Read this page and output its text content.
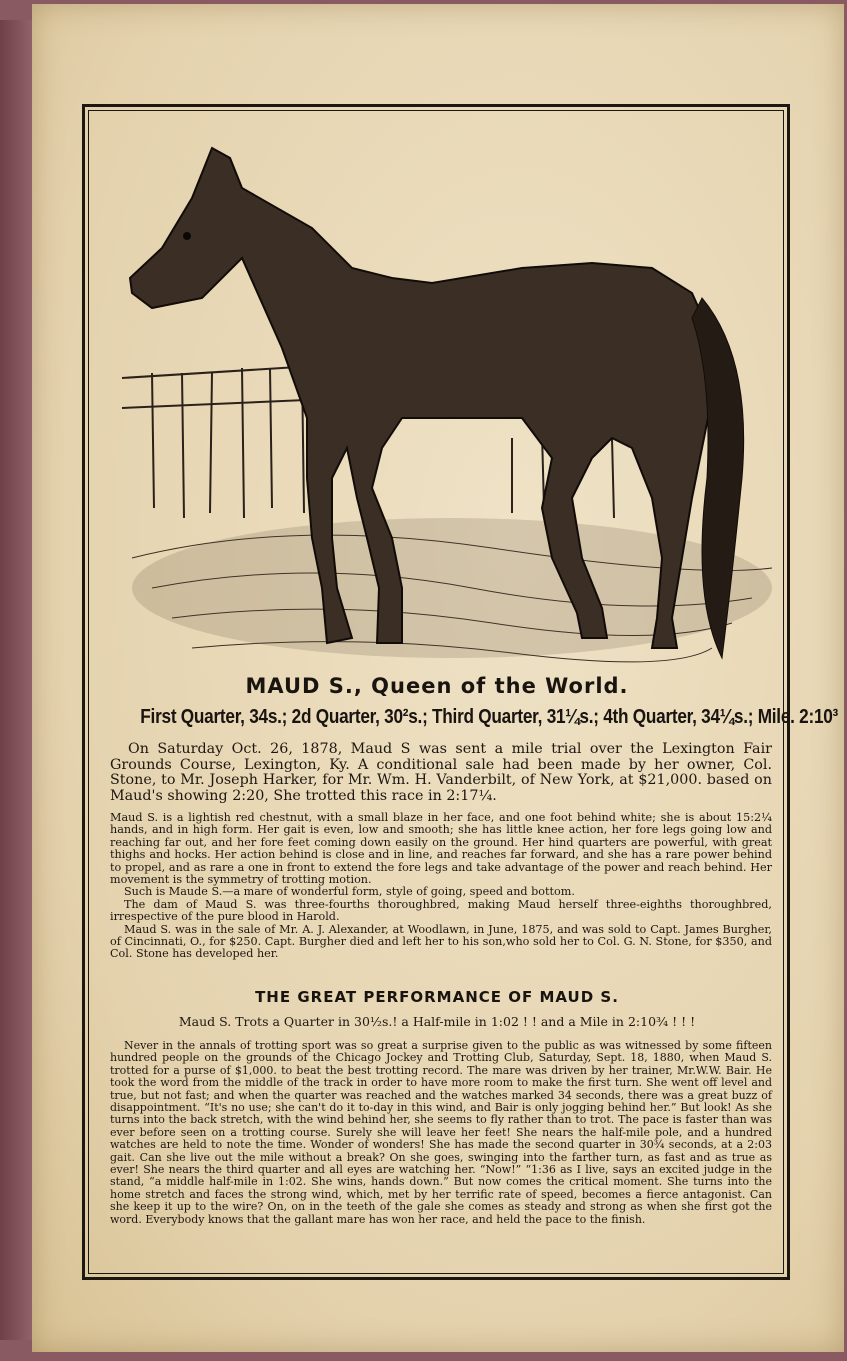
MAUD S., Queen of the World.
First Quarter, 34s.; 2d Quarter, 30²s.; Third Quarter, 31¼s.; 4th Quarter, 34¼s.; Mile. 2:10³
On Saturday Oct. 26, 1878, Maud S was sent a mile trial over the Lexington Fair Grounds Course, Lexington, Ky. A conditional sale had been made by her owner, Col. Stone, to Mr. Joseph Harker, for Mr. Wm. H. Vanderbilt, of New York, at $21,000. based on Maud's showing 2:20, She trotted this race in 2:17¼.

Maud S. is a lightish red chestnut, with a small blaze in her face, and one foot behind white; she is about 15:2¼ hands, and in high form. Her gait is even, low and smooth; she has little knee action, her fore legs going low and reaching far out, and her fore feet coming down easily on the ground. Her hind quarters are powerful, with great thighs and hocks. Her action behind is close and in line, and reaches far forward, and she has a rare power behind to propel, and as rare a one in front to extend the fore legs and take advantage of the power and reach behind. Her movement is the symmetry of trotting motion.

Such is Maude S.—a mare of wonderful form, style of going, speed and bottom.

The dam of Maud S. was three-fourths thoroughbred, making Maud herself three-eighths thoroughbred, irrespective of the pure blood in Harold.

Maud S. was in the sale of Mr. A. J. Alexander, at Woodlawn, in June, 1875, and was sold to Capt. James Burgher, of Cincinnati, O., for $250. Capt. Burgher died and left her to his son,who sold her to Col. G. N. Stone, for $350, and Col. Stone has developed her.

THE GREAT PERFORMANCE OF MAUD S.
Maud S. Trots a Quarter in 30½s.! a Half-mile in 1:02 ! ! and a Mile in 2:10¾ ! ! !
Never in the annals of trotting sport was so great a surprise given to the public as was witnessed by some fifteen hundred people on the grounds of the Chicago Jockey and Trotting Club, Saturday, Sept. 18, 1880, when Maud S. trotted for a purse of $1,000. to beat the best trotting record. The mare was driven by her trainer, Mr.W.W. Bair. He took the word from the middle of the track in order to have more room to make the first turn. She went off level and true, but not fast; and when the quarter was reached and the watches marked 34 seconds, there was a great buzz of disappointment. “It's no use; she can't do it to-day in this wind, and Bair is only jogging behind her.” But look! As she turns into the back stretch, with the wind behind her, she seems to fly rather than to trot. The pace is faster than was ever before seen on a trotting course. Surely she will leave her feet! She nears the half-mile pole, and a hundred watches are held to note the time. Wonder of wonders! She has made the second quarter in 30¾ seconds, at a 2:03 gait. Can she live out the mile without a break? On she goes, swinging into the farther turn, as fast and as true as ever! She nears the third quarter and all eyes are watching her. “Now!” “1:36 as I live, says an excited judge in the stand, “a middle half-mile in 1:02. She wins, hands down.” But now comes the critical moment. She turns into the home stretch and faces the strong wind, which, met by her terrific rate of speed, becomes a fierce antagonist. Can she keep it up to the wire? On, on in the teeth of the gale she comes as steady and strong as when she first got the word. Everybody knows that the gallant mare has won her race, and held the pace to the finish.
